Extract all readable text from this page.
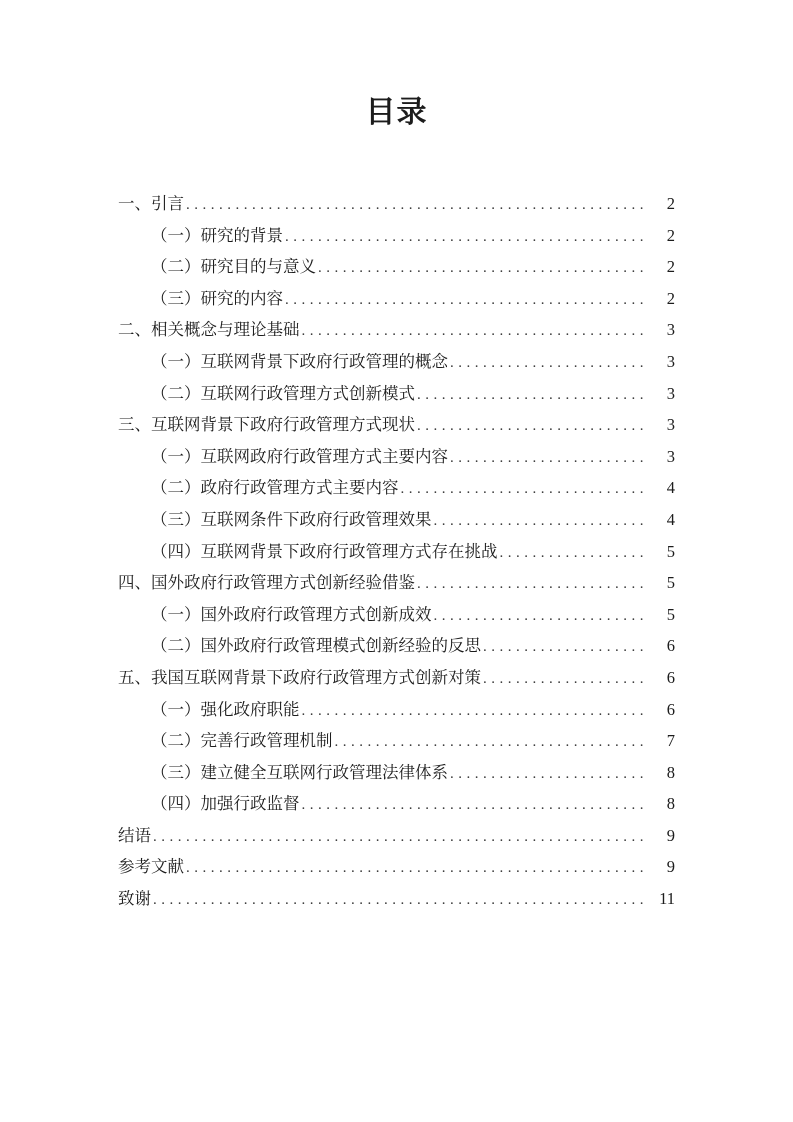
目录
一、引言 .....	2
（一）研究的背景 .....	2
（二）研究目的与意义 .....	2
（三）研究的内容 .....	2
二、相关概念与理论基础 .....	3
（一）互联网背景下政府行政管理的概念 .....	3
（二）互联网行政管理方式创新模式 .....	3
三、互联网背景下政府行政管理方式现状 .....	3
（一）互联网政府行政管理方式主要内容 .....	3
（二）政府行政管理方式主要内容 .....	4
（三）互联网条件下政府行政管理效果 .....	4
（四）互联网背景下政府行政管理方式存在挑战 .....	5
四、国外政府行政管理方式创新经验借鉴 .....	5
（一）国外政府行政管理方式创新成效 .....	5
（二）国外政府行政管理模式创新经验的反思 .....	6
五、我国互联网背景下政府行政管理方式创新对策 .....	6
（一）强化政府职能 .....	6
（二）完善行政管理机制 .....	7
（三）建立健全互联网行政管理法律体系 .....	8
（四）加强行政监督 .....	8
结语 .....	9
参考文献 .....	9
致谢 .....	11
